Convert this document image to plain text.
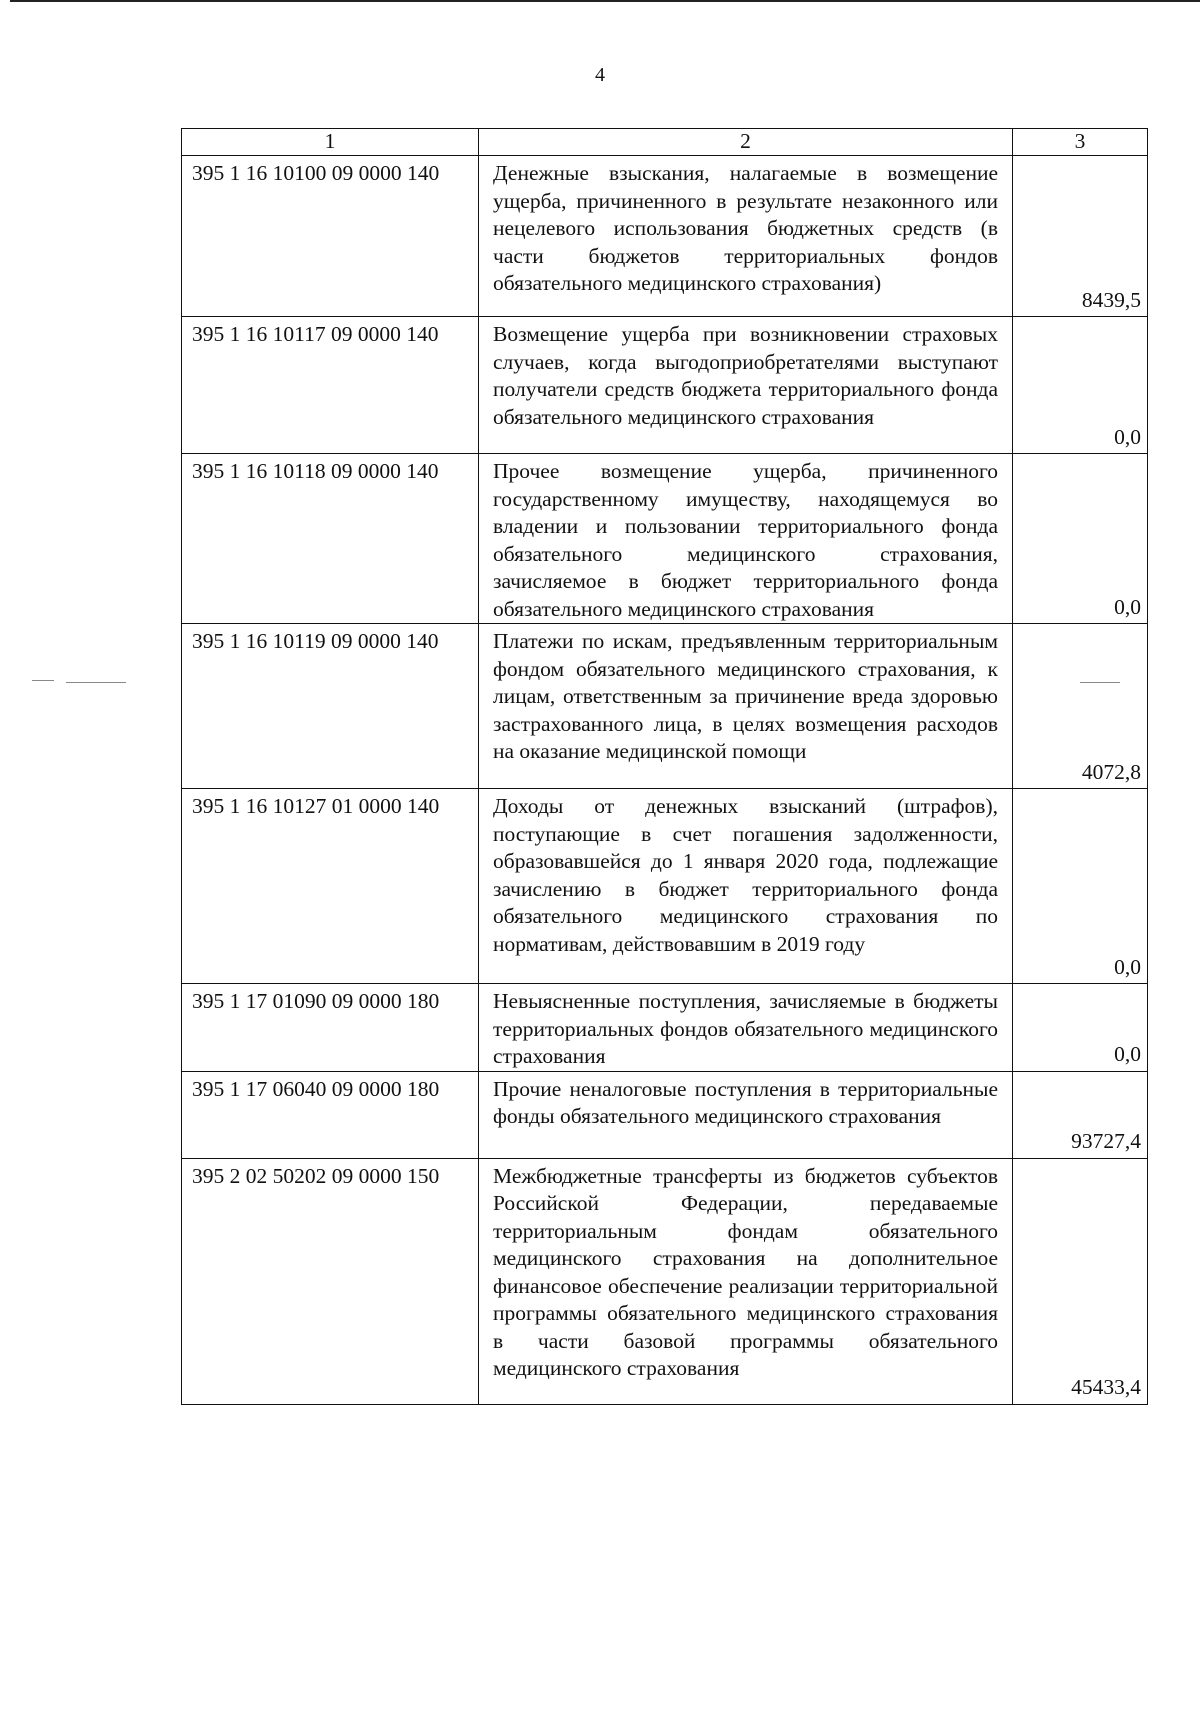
4
1	2	3
395 1 16 10100 09 0000 140	Денежные взыскания, налагаемые в возмещение ущерба, причиненного в результате незаконного или нецелевого использования бюджетных средств (в части бюджетов территориальных фондов обязательного медицинского страхования)	8439,5
395 1 16 10117 09 0000 140	Возмещение ущерба при возникновении страховых случаев, когда выгодоприобретателями выступают получатели средств бюджета территориального фонда обязательного медицинского страхования	0,0
395 1 16 10118 09 0000 140	Прочее возмещение ущерба, причиненного государственному имуществу, находящемуся во владении и пользовании территориального фонда обязательного медицинского страхования, зачисляемое в бюджет территориального фонда обязательного медицинского страхования	0,0
395 1 16 10119 09 0000 140	Платежи по искам, предъявленным территориальным фондом обязательного медицинского страхования, к лицам, ответственным за причинение вреда здоровью застрахованного лица, в целях возмещения расходов на оказание медицинской помощи	4072,8
395 1 16 10127 01 0000 140	Доходы от денежных взысканий (штрафов), поступающие в счет погашения задолженности, образовавшейся до 1 января 2020 года, подлежащие зачислению в бюджет территориального фонда обязательного медицинского страхования по нормативам, действовавшим в 2019 году	0,0
395 1 17 01090 09 0000 180	Невыясненные поступления, зачисляемые в бюджеты территориальных фондов обязательного медицинского страхования	0,0
395 1 17 06040 09 0000 180	Прочие неналоговые поступления в территориальные фонды обязательного медицинского страхования	93727,4
395 2 02 50202 09 0000 150	Межбюджетные трансферты из бюджетов субъектов Российской Федерации, передаваемые территориальным фондам обязательного медицинского страхования на дополнительное финансовое обеспечение реализации территориальной программы обязательного медицинского страхования в части базовой программы обязательного медицинского страхования	45433,4
